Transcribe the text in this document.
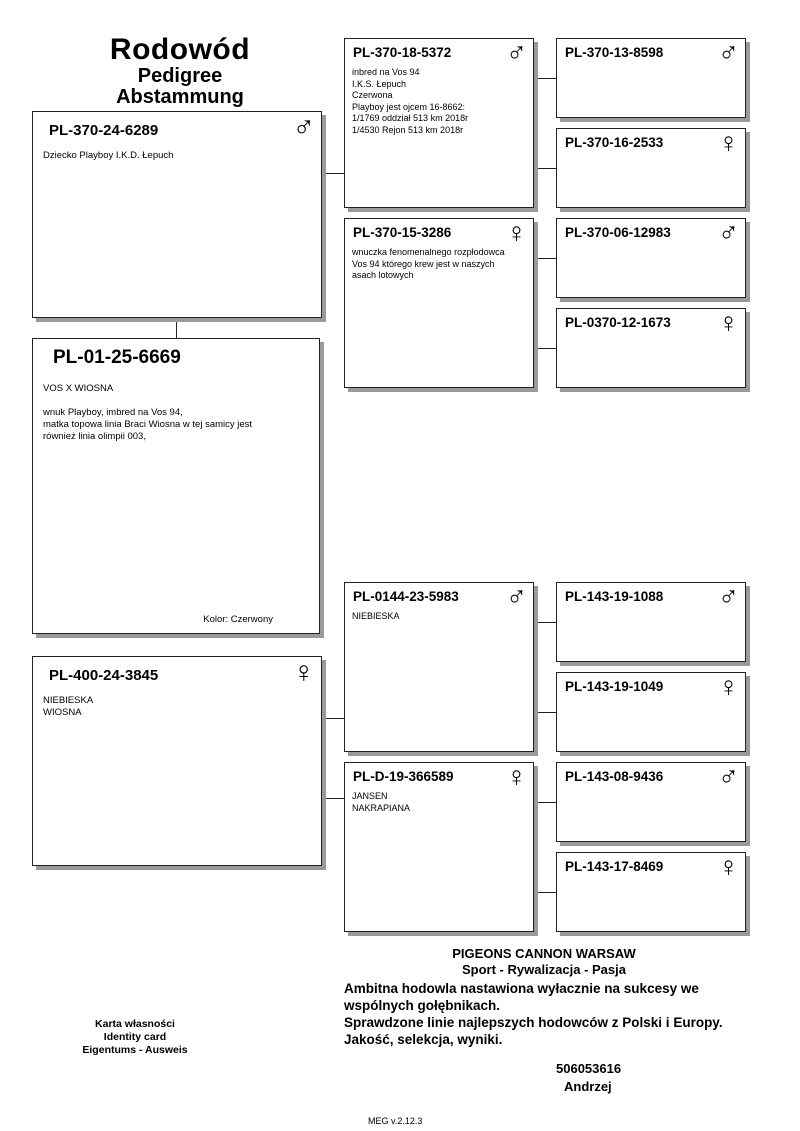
Rodowód
Pedigree
Abstammung
PL-370-24-6289	♂
Dziecko Playboy I.K.D. Łepuch
PL-01-25-6669
VOS X WIOSNA

wnuk Playboy, imbred na Vos 94,
matka topowa linia Braci Wiosna w tej samicy jest
również linia olimpii 003,
Kolor: Czerwony
PL-400-24-3845	♀
NIEBIESKA
WIOSNA
PL-370-18-5372 ♂
inbred na Vos 94
I.K.S. Łepuch
Czerwona
Playboy jest ojcem 16-8662:
1/1769 oddział 513 km 2018r
1/4530 Rejon 513 km 2018r
PL-370-15-3286 ♀
wnuczka fenomenalnego rozpłodowca
Vos 94 którego krew jest w naszych
asach lotowych
PL-0144-23-5983 ♂
NIEBIESKA
PL-D-19-366589 ♀
JANSEN
NAKRAPIANA
PL-370-13-8598 ♂
PL-370-16-2533 ♀
PL-370-06-12983 ♂
PL-0370-12-1673 ♀
PL-143-19-1088 ♂
PL-143-19-1049 ♀
PL-143-08-9436 ♂
PL-143-17-8469 ♀
PIGEONS CANNON WARSAW
Sport - Rywalizacja - Pasja
Ambitna hodowla nastawiona wyłacznie na sukcesy we wspólnych gołębnikach.
Sprawdzone linie najlepszych hodowców z Polski i Europy.
Jakość, selekcja, wyniki.
506053616
Andrzej
Karta własności
Identity card
Eigentums - Ausweis
MEG v.2.12.3
